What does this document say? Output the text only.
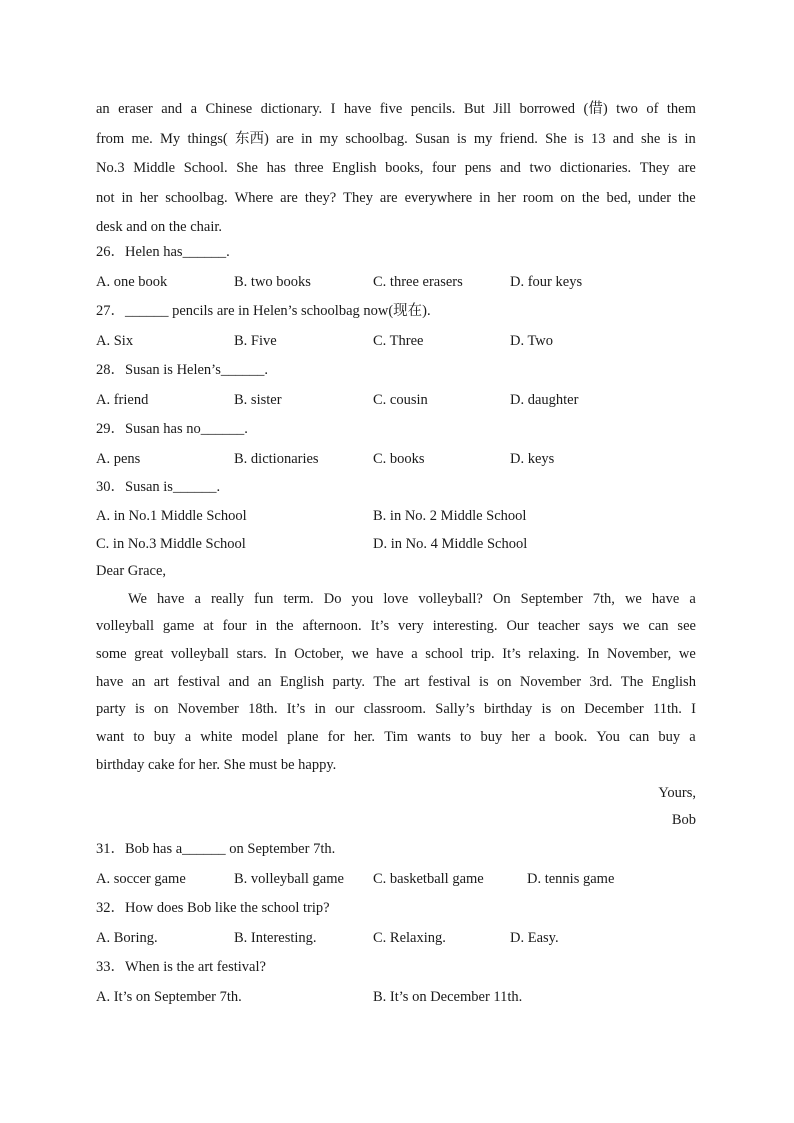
an eraser and a Chinese dictionary. I have five pencils. But Jill borrowed (借) two of them
from me. My things( 东西) are in my schoolbag. Susan is my friend. She is 13 and she is in
No.3 Middle School. She has three English books, four pens and two dictionaries. They are
not in her schoolbag. Where are they? They are everywhere in her room on the bed, under the
desk and on the chair.
26．Helen has______.
A. one book	B. two books	C. three erasers	D. four keys
27．______ pencils are in Helen’s schoolbag now(现在).
A. Six	B. Five	C. Three	D. Two
28．Susan is Helen’s______.
A. friend	B. sister	C. cousin	D. daughter
29．Susan has no______.
A. pens	B. dictionaries	C. books	D. keys
30．Susan is______.
A. in No.1 Middle School	B. in No. 2 Middle School
C. in No.3 Middle School	D. in No. 4 Middle School
Dear Grace,
We have a really fun term. Do you love volleyball? On September 7th, we have a
volleyball game at four in the afternoon. It’s very interesting. Our teacher says we can see
some great volleyball stars. In October, we have a school trip. It’s relaxing. In November, we
have an art festival and an English party. The art festival is on November 3rd. The English
party is on November 18th. It’s in our classroom. Sally’s birthday is on December 11th. I
want to buy a white model plane for her. Tim wants to buy her a book. You can buy a
birthday cake for her. She must be happy.
Yours,
Bob
31．Bob has a______ on September 7th.
A. soccer game	B. volleyball game C. basketball game	D. tennis game
32．How does Bob like the school trip?
A. Boring.	B. Interesting.	C. Relaxing.	D. Easy.
33．When is the art festival?
A. It’s on September 7th.	B. It’s on December 11th.
